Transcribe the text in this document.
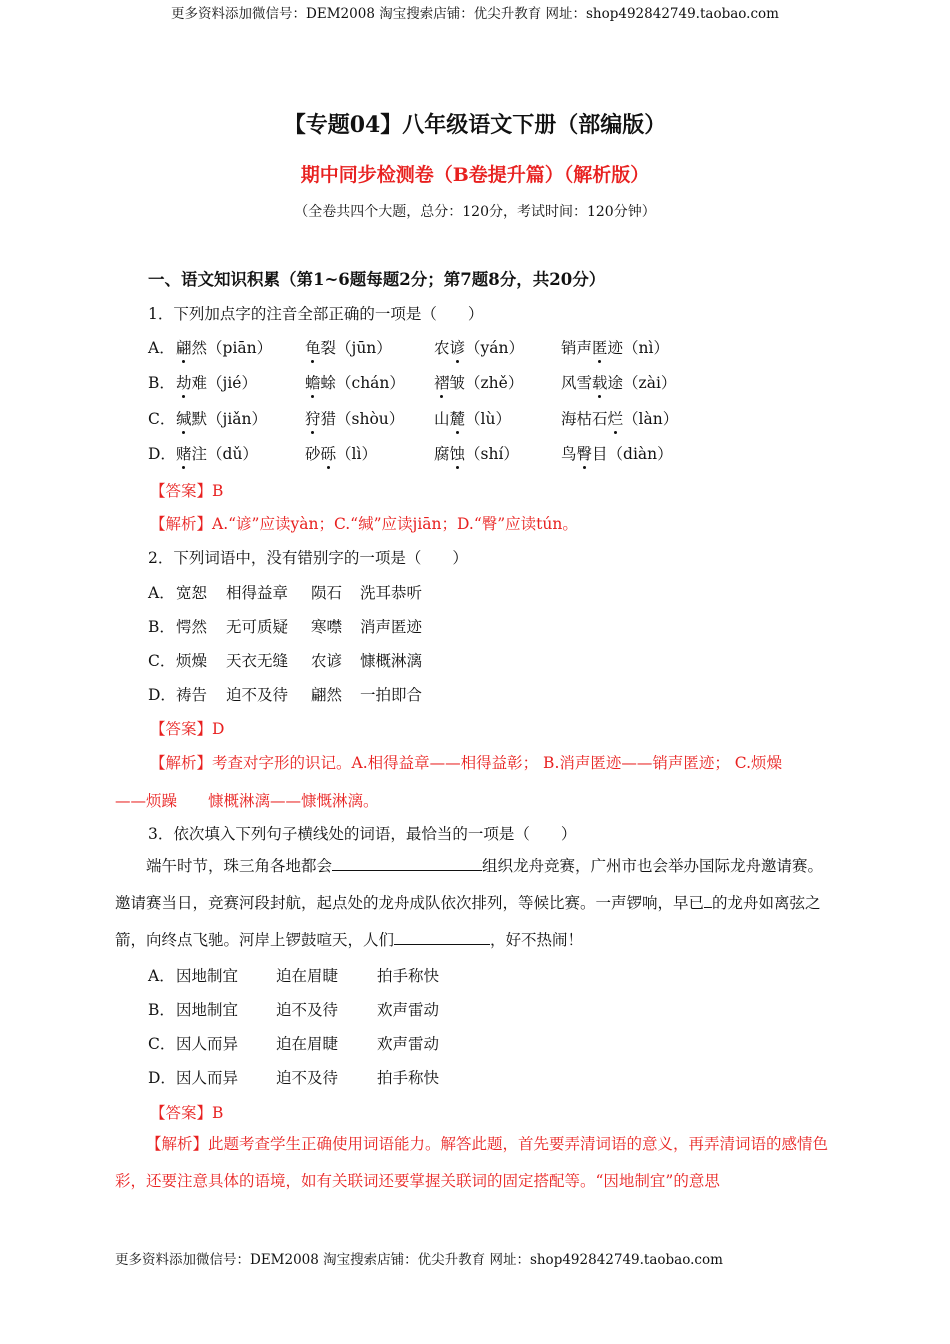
更多资料添加微信号：DEM2008 淘宝搜索店铺：优尖升教育 网址：shop492842749.taobao.com
【专题04】八年级语文下册（部编版）
期中同步检测卷（B卷提升篇）（解析版）
（全卷共四个大题，总分：120分，考试时间：120分钟）
一、语文知识积累（第1~6题每题2分；第7题8分，共20分）
1．下列加点字的注音全部正确的一项是（　　）
A． 翩然（piān） 龟裂（jūn）	农谚（yán） 销声匿迹（nì）
B． 劫难（jié）	蟾蜍（chán） 褶皱（zhě） 风雪载途（zài）
C． 缄默（jiǎn） 狩猎（shòu） 山麓（lù）	海枯石烂（làn）
D． 赌注（dǔ）	砂砾（lì）	腐蚀（shí）	鸟臀目（diàn）
【答案】B
【解析】A.“谚”应读yàn；C.“缄”应读jiān；D.“臀”应读tún。
2．下列词语中，没有错别字的一项是（　　）
A． 宽恕 相得益章 陨石 洗耳恭听
B． 愕然 无可质疑 寒噤 消声匿迹
C． 烦燥 天衣无缝 农谚 慷概淋漓
D． 祷告 迫不及待 翩然 一拍即合
【答案】D
【解析】考查对字形的识记。A.相得益章——相得益彰； B.消声匿迹——销声匿迹； C.烦燥
——烦躁　　慷概淋漓——慷慨淋漓。
3．依次填入下列句子横线处的词语，最恰当的一项是（　　）
端午时节，珠三角各地都会	组织龙舟竞赛，广州市也会举办国际龙舟邀请赛。邀请赛当日，竞赛河段封航，起点处的龙舟成队依次排列，等候比赛。一声锣响，早已 的龙舟如离弦之箭，向终点飞驰。河岸上锣鼓喧天，人们	，好不热闹！
A． 因地制宜 迫在眉睫	拍手称快
B． 因地制宜 迫不及待	欢声雷动
C． 因人而异 迫在眉睫	欢声雷动
D． 因人而异 迫不及待	拍手称快
【答案】B
【解析】此题考查学生正确使用词语能力。解答此题，首先要弄清词语的意义，再弄清词语的感情色彩，还要注意具体的语境，如有关联词还要掌握关联词的固定搭配等。“因地制宜”的意思
更多资料添加微信号：DEM2008 淘宝搜索店铺：优尖升教育 网址：shop492842749.taobao.com
